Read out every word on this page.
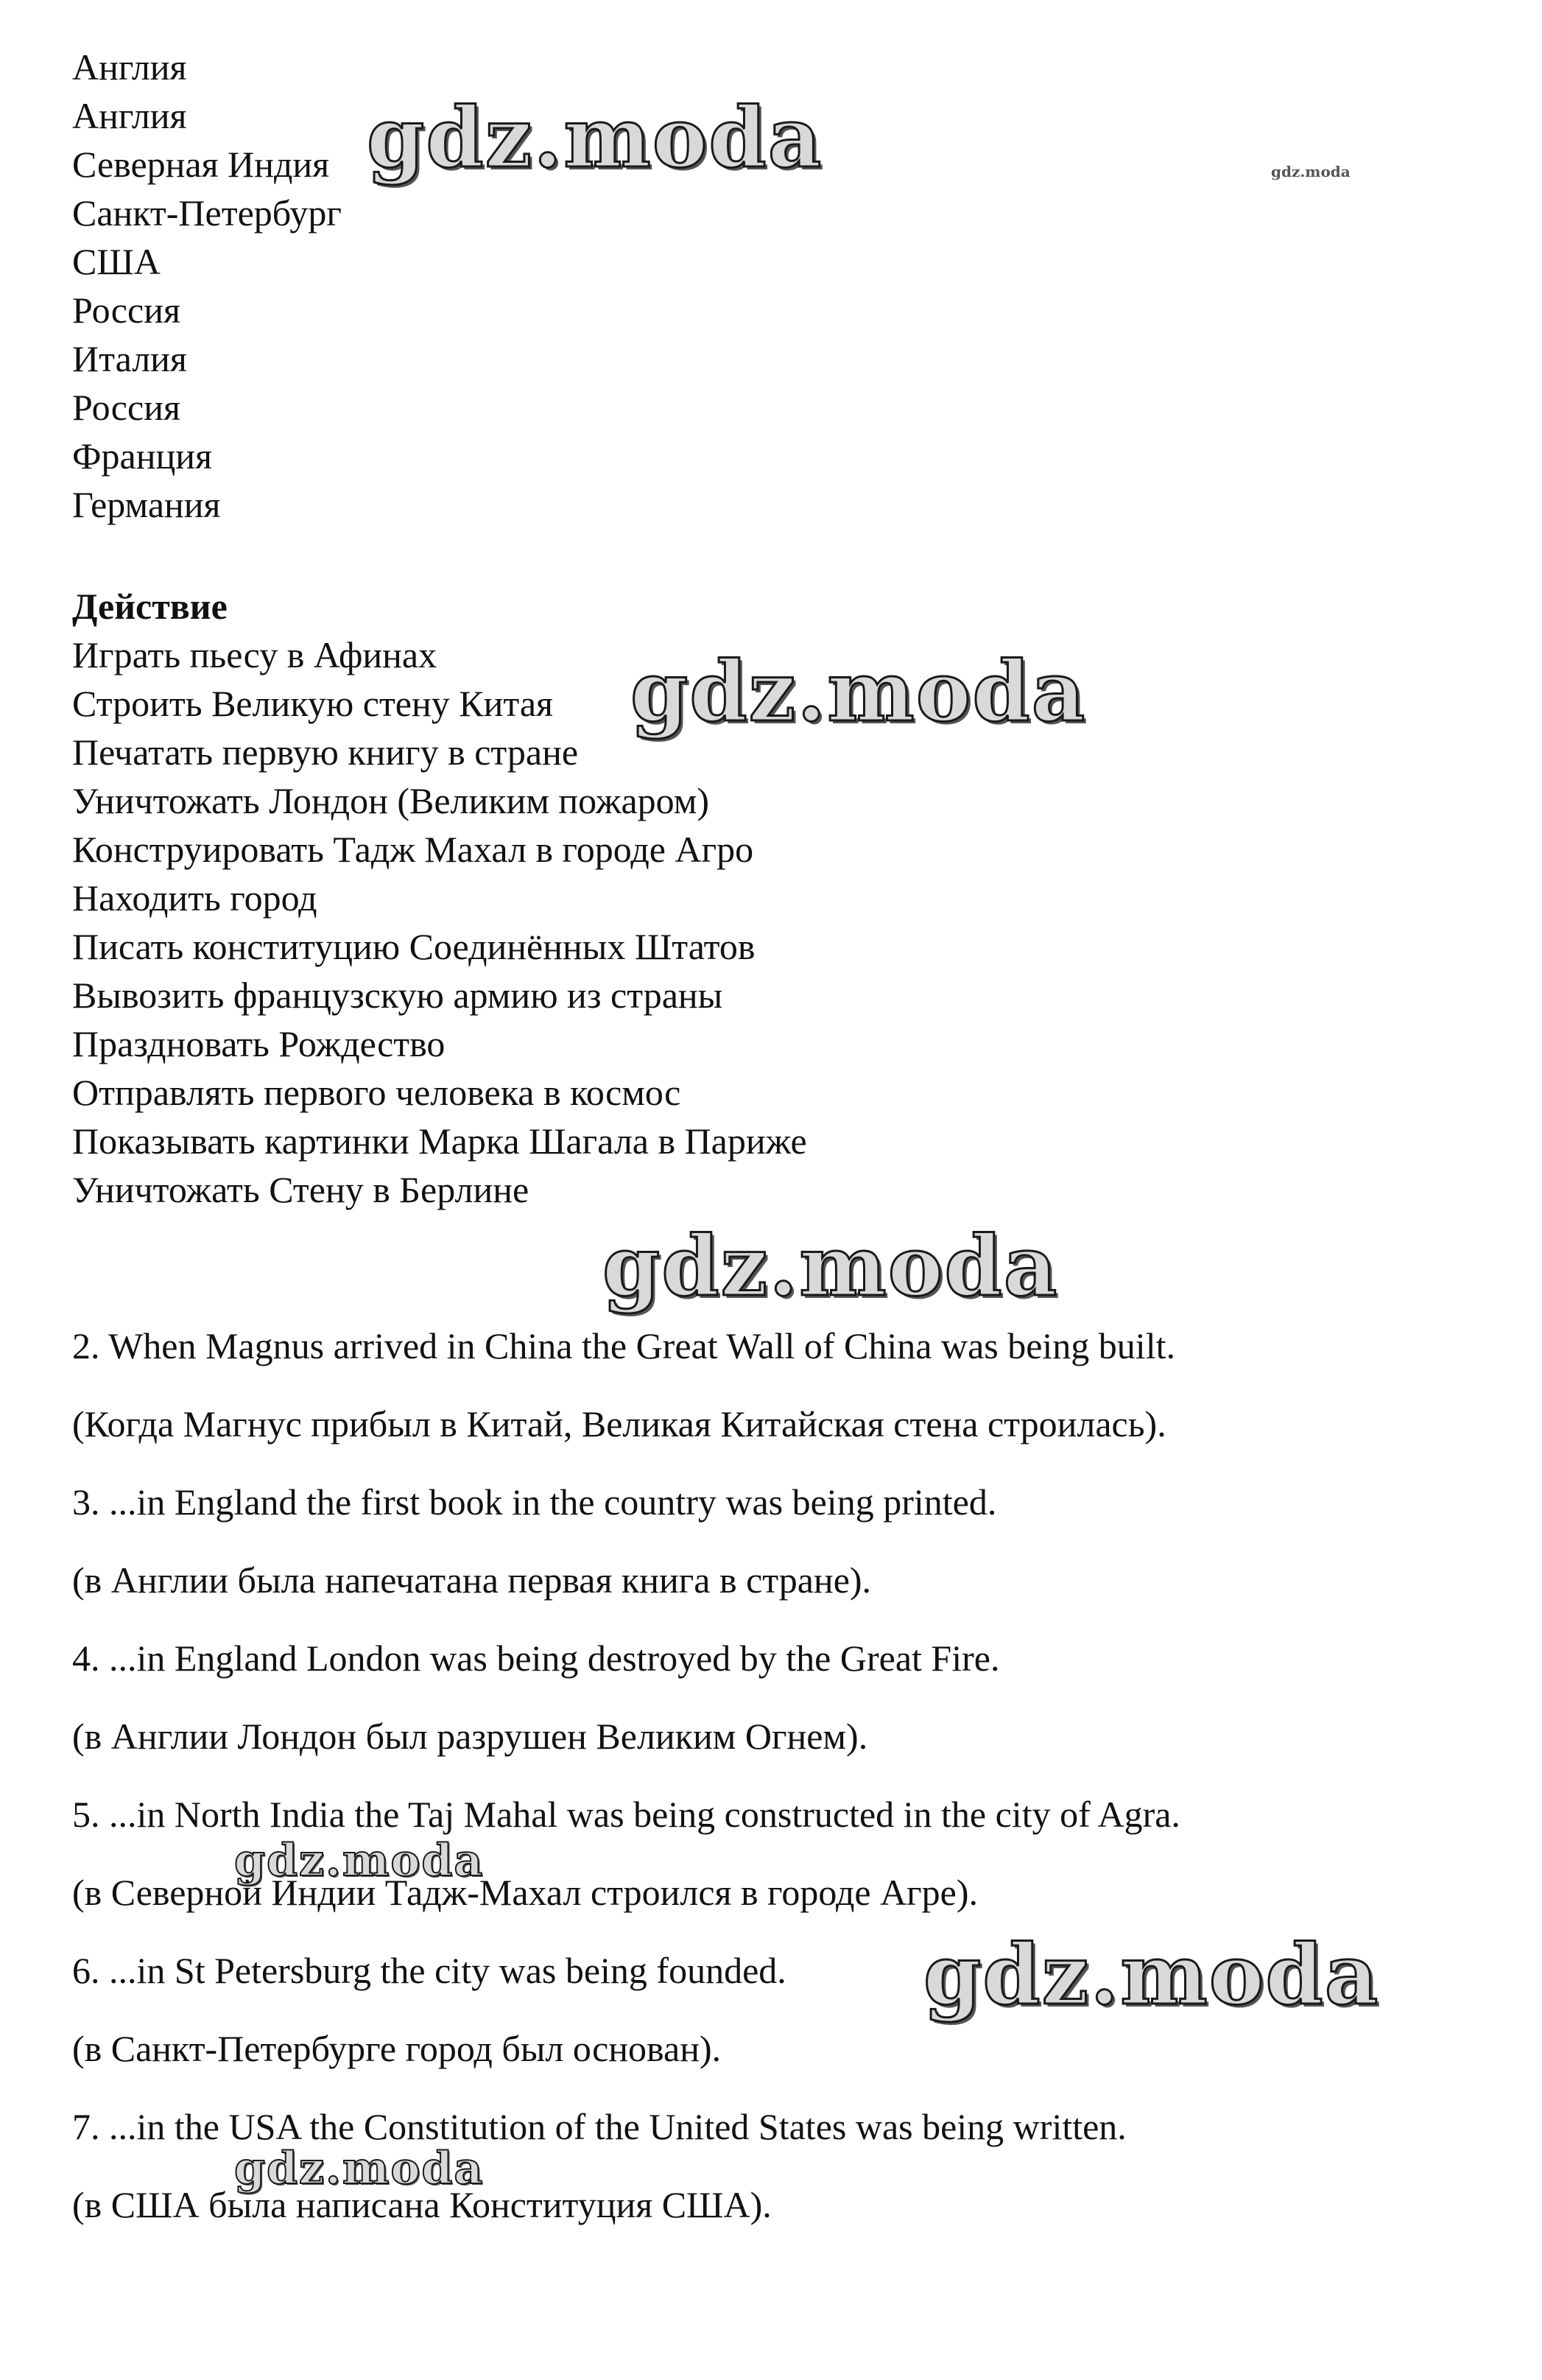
Англия
Англия
Северная Индия
Санкт-Петербург
США
Россия
Италия
Россия
Франция
Германия
Действие
Играть пьесу в Афинах
Строить Великую стену Китая
Печатать первую книгу в стране
Уничтожать Лондон (Великим пожаром)
Конструировать Тадж Махал в городе Агро
Находить город
Писать конституцию Соединённых Штатов
Вывозить французскую армию из страны
Праздновать Рождество
Отправлять первого человека в космос
Показывать картинки Марка Шагала в Париже
Уничтожать Стену в Берлине
2. When Magnus arrived in China the Great Wall of China was being built.
(Когда Магнус прибыл в Китай, Великая Китайская стена строилась).
3. ...in England the first book in the country was being printed.
(в Англии была напечатана первая книга в стране).
4. ...in England London was being destroyed by the Great Fire.
(в Англии Лондон был разрушен Великим Огнем).
5. ...in North India the Taj Mahal was being constructed in the city of Agra.
(в Северной Индии Тадж-Махал строился в городе Агре).
6. ...in St Petersburg the city was being founded.
(в Санкт-Петербурге город был основан).
7. ...in the USA the Constitution of the United States was being written.
(в США была написана Конституция США).
gdz.moda	gdz.moda
gdz.moda
gdz.moda
gdz.moda
gdz.moda
gdz.moda
